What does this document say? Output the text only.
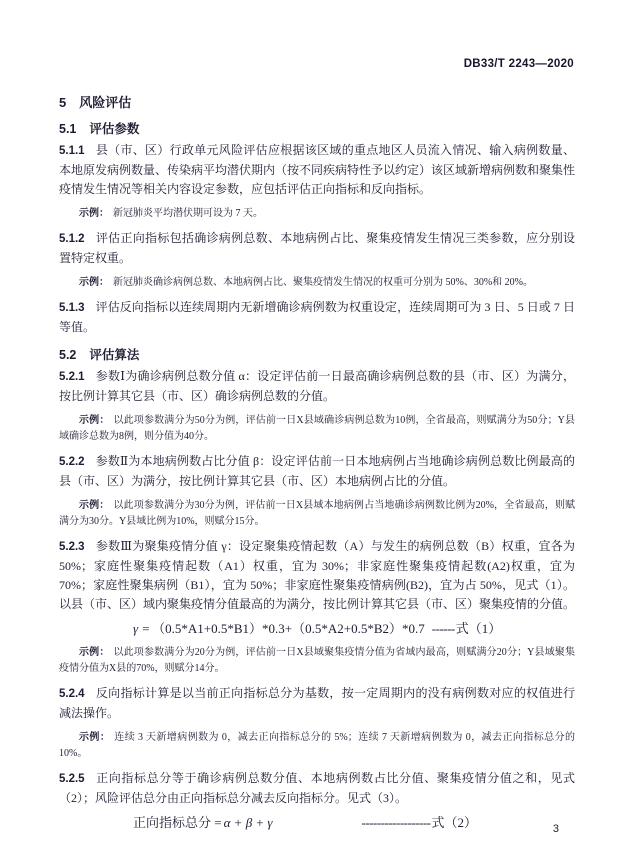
DB33/T 2243—2020
5 风险评估
5.1 评估参数

5.1.1 县（市、区）行政单元风险评估应根据该区域的重点地区人员流入情况、输入病例数量、本地原发病例数量、传染病平均潜伏期内（按不同疾病特性予以约定）该区域新增病例数和聚集性疫情发生情况等相关内容设定参数，应包括评估正向指标和反向指标。

示例： 新冠肺炎平均潜伏期可设为 7 天。

5.1.2 评估正向指标包括确诊病例总数、本地病例占比、聚集疫情发生情况三类参数，应分别设置特定权重。

示例： 新冠肺炎确诊病例总数、本地病例占比、聚集疫情发生情况的权重可分别为 50%、30%和 20%。

5.1.3 评估反向指标以连续周期内无新增确诊病例数为权重设定，连续周期可为 3 日、5 日或 7 日等值。

5.2 评估算法

5.2.1 参数Ⅰ为确诊病例总数分值 α：设定评估前一日最高确诊病例总数的县（市、区）为满分，按比例计算其它县（市、区）确诊病例总数的分值。

示例： 以此项参数满分为50分为例，评估前一日X县域确诊病例总数为10例，全省最高，则赋满分为50分；Y县域确诊总数为8例，则分值为40分。

5.2.2 参数Ⅱ为本地病例数占比分值 β：设定评估前一日本地病例占当地确诊病例总数比例最高的县（市、区）为满分，按比例计算其它县（市、区）本地病例占比的分值。

示例： 以此项参数满分为30分为例，评估前一日X县域本地病例占当地确诊病例数比例为20%，全省最高，则赋满分为30分。Y县域比例为10%，则赋分15分。

5.2.3 参数Ⅲ为聚集疫情分值 γ：设定聚集疫情起数（A）与发生的病例总数（B）权重，宜各为 50%；家庭性聚集疫情起数（A1）权重，宜为 30%；非家庭性聚集疫情起数(A2)权重，宜为 70%；家庭性聚集病例（B1），宜为 50%；非家庭性聚集疫情病例(B2)，宜为占 50%，见式（1）。以县（市、区）域内聚集疫情分值最高的为满分，按比例计算其它县（市、区）聚集疫情的分值。

γ = （0.5*A1+0.5*B1）*0.3+（0.5*A2+0.5*B2）*0.7 ------ 式（1）

示例： 以此项参数满分为20分为例，评估前一日X县域聚集疫情分值为省域内最高，则赋满分20分；Y县域聚集疫情分值为X县的70%，则赋分14分。

5.2.4 反向指标计算是以当前正向指标总分为基数，按一定周期内的没有病例数对应的权值进行减法操作。

示例： 连续 3 天新增病例数为 0，减去正向指标总分的 5%；连续 7 天新增病例数为 0，减去正向指标总分的 10%。

5.2.5 正向指标总分等于确诊病例总数分值、本地病例数占比分值、聚集疫情分值之和，见式（2）；风险评估总分由正向指标总分减去反向指标分。见式（3）。

正向指标总分 = α + β + γ	------------------ 式（2）	3
